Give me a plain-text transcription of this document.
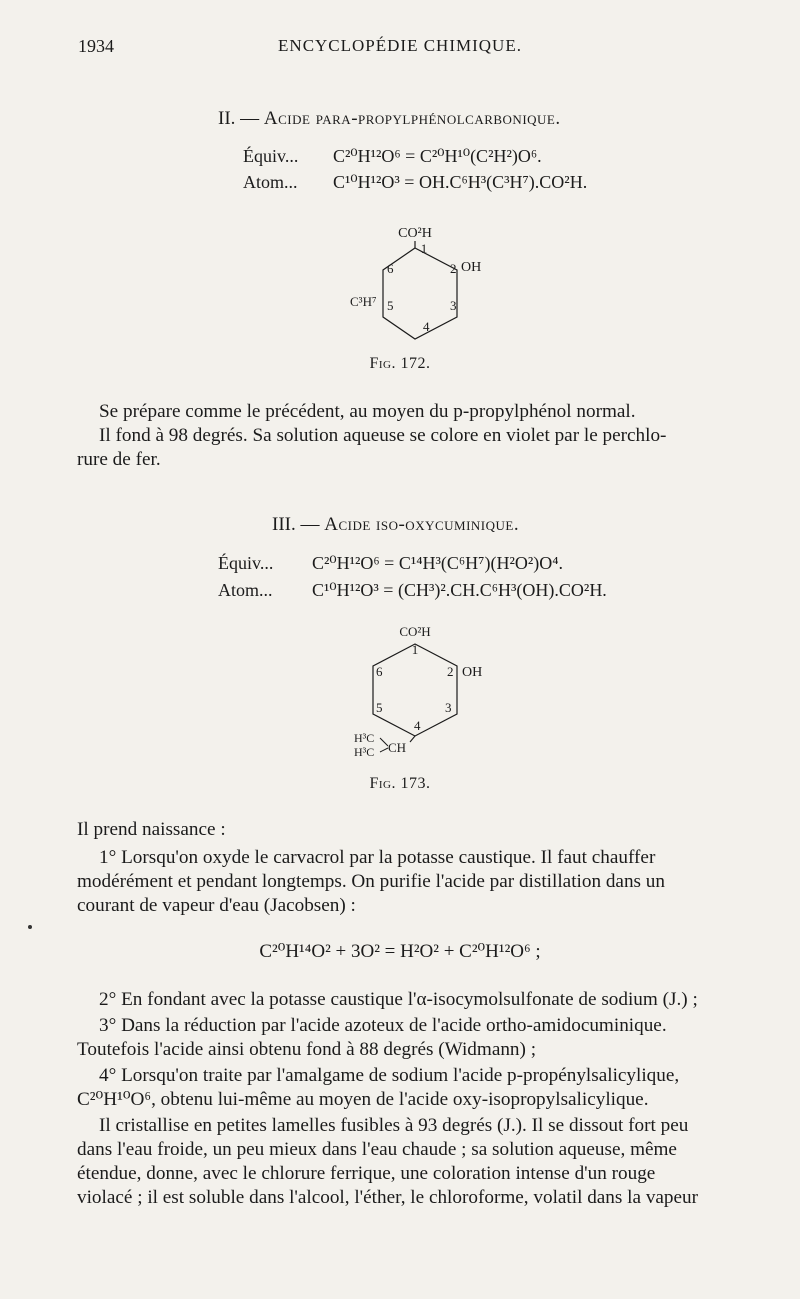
1934	ENCYCLOPÉDIE CHIMIQUE.
II. — Acide para-propylphénolcarbonique.
Équiv... C²⁰H¹²O⁶ = C²⁰H¹⁰(C²H²)O⁶.
Atom... C¹⁰H¹²O³ = OH.C⁶H³(C³H⁷).CO²H.
CO²H
OH
C³H⁷
1
2
3
4
5
6
Fig. 172.
Se prépare comme le précédent, au moyen du p-propylphénol normal.
Il fond à 98 degrés. Sa solution aqueuse se colore en violet par le perchlo-
rure de fer.
III. — Acide iso-oxycuminique.
Équiv... C²⁰H¹²O⁶ = C¹⁴H³(C⁶H⁷)(H²O²)O⁴.
Atom... C¹⁰H¹²O³ = (CH³)².CH.C⁶H³(OH).CO²H.
CO²H
OH
1
2
3
4
5
6
H³C
H³C CH
Fig. 173.
Il prend naissance :
1° Lorsqu'on oxyde le carvacrol par la potasse caustique. Il faut chauffer
modérément et pendant longtemps. On purifie l'acide par distillation dans un
courant de vapeur d'eau (Jacobsen) :
C²⁰H¹⁴O² + 3O² = H²O² + C²⁰H¹²O⁶ ;
2° En fondant avec la potasse caustique l'α-isocymolsulfonate de sodium (J.) ;
3° Dans la réduction par l'acide azoteux de l'acide ortho-amidocuminique.
Toutefois l'acide ainsi obtenu fond à 88 degrés (Widmann) ;
4° Lorsqu'on traite par l'amalgame de sodium l'acide p-propénylsalicylique,
C²⁰H¹⁰O⁶, obtenu lui-même au moyen de l'acide oxy-isopropylsalicylique.
Il cristallise en petites lamelles fusibles à 93 degrés (J.). Il se dissout fort peu
dans l'eau froide, un peu mieux dans l'eau chaude ; sa solution aqueuse, même
étendue, donne, avec le chlorure ferrique, une coloration intense d'un rouge
violacé ; il est soluble dans l'alcool, l'éther, le chloroforme, volatil dans la vapeur
